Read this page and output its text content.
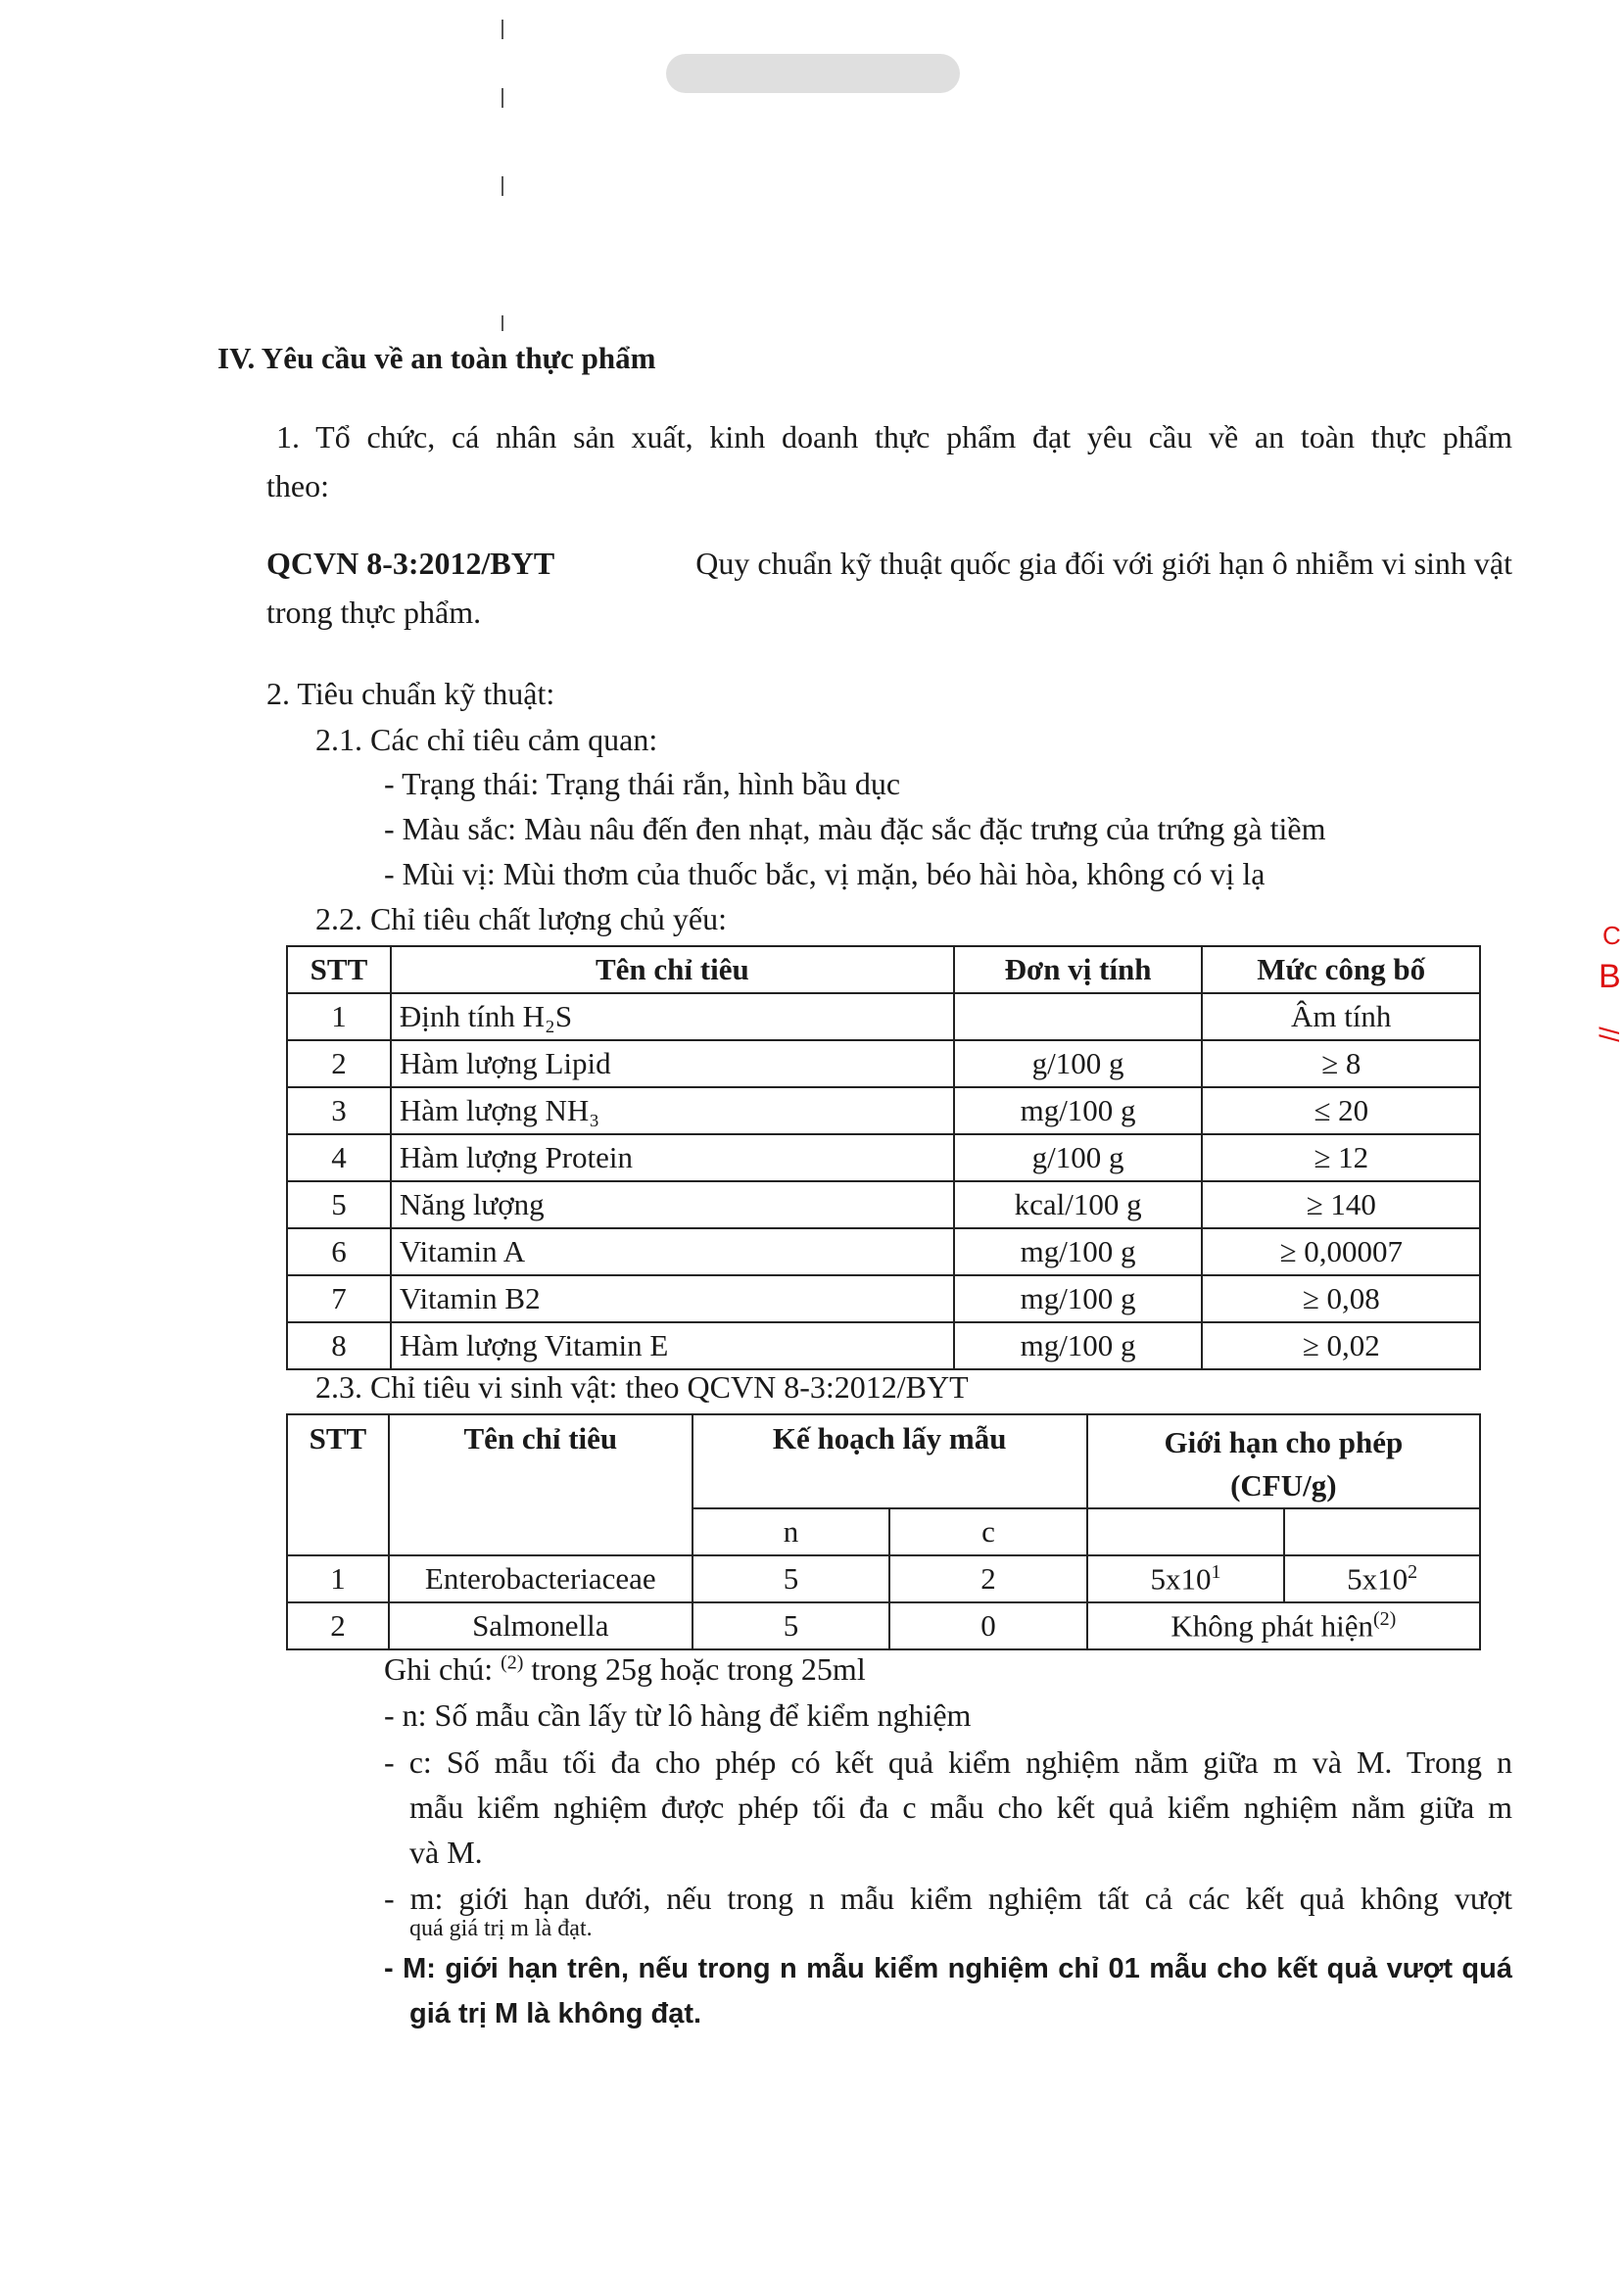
B
C
//
IV. Yêu cầu về an toàn thực phẩm
1. Tổ chức, cá nhân sản xuất, kinh doanh thực phẩm đạt yêu cầu về an toàn thực phẩm
theo:
QCVN 8-3:2012/BYT	Quy chuẩn kỹ thuật quốc gia đối với giới hạn ô nhiễm vi sinh vật
trong thực phẩm.
2. Tiêu chuẩn kỹ thuật:
2.1. Các chỉ tiêu cảm quan:
- Trạng thái: Trạng thái rắn, hình bầu dục
- Màu sắc: Màu nâu đến đen nhạt, màu đặc sắc đặc trưng của trứng gà tiềm
- Mùi vị: Mùi thơm của thuốc bắc, vị mặn, béo hài hòa, không có vị lạ
2.2. Chỉ tiêu chất lượng chủ yếu:
STT	Tên chỉ tiêu	Đơn vị tính	Mức công bố
1	Định tính H₂S		Âm tính
2	Hàm lượng Lipid	g/100 g	≥ 8
3	Hàm lượng NH₃	mg/100 g	≤ 20
4	Hàm lượng Protein	g/100 g	≥ 12
5	Năng lượng	kcal/100 g	≥ 140
6	Vitamin A	mg/100 g	≥ 0,00007
7	Vitamin B2	mg/100 g	≥ 0,08
8	Hàm lượng Vitamin E	mg/100 g	≥ 0,02
2.3. Chỉ tiêu vi sinh vật: theo QCVN 8-3:2012/BYT
STT	Tên chỉ tiêu	Kế hoạch lấy mẫu		Giới hạn cho phép
(CFU/g)	

		n	c		
1	Enterobacteriaceae	5	2	$5x10^1$	$5x10^2$
2	Salmonella	5	0	Không phát hiện$^{(2)}$
Ghi chú: $^{(2)}$ trong 25g hoặc trong 25ml
- n: Số mẫu cần lấy từ lô hàng để kiểm nghiệm
- c: Số mẫu tối đa cho phép có kết quả kiểm nghiệm nằm giữa m và M. Trong n
mẫu kiểm nghiệm được phép tối đa c mẫu cho kết quả kiểm nghiệm nằm giữa m
và M.
- m: giới hạn dưới, nếu trong n mẫu kiểm nghiệm tất cả các kết quả không vượt
quá giá trị m là đạt.
- M: giới hạn trên, nếu trong n mẫu kiểm nghiệm chỉ 01 mẫu cho kết quả vượt quá
giá trị M là không đạt.
